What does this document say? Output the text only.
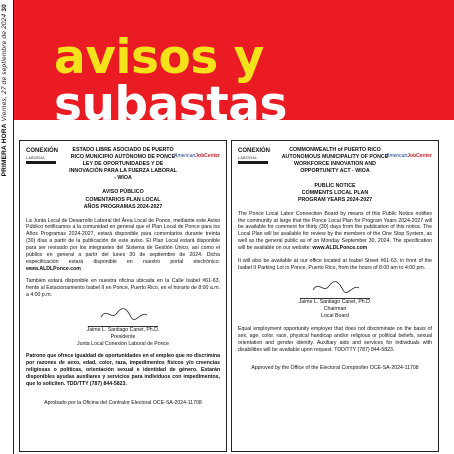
PRIMERA HORA Viernes, 27 de septiembre de 2024 30
avisos y subastas
CONEXIÓN
LABORAL	AmericanJobCenter
ESTADO LIBRE ASOCIADO DE PUERTO RICO MUNICIPIO AUTÓNOMO DE PONCE LEY DE OPORTUNIDADES Y DE INNOVACIÓN PARA LA FUERZA LABORAL - WIOA
AVISO PÚBLICO
COMENTARIOS PLAN LOCAL
AÑOS PROGRAMAS 2024-2027

La Junta Local de Desarrollo Laboral del Área Local de Ponce, mediante este Aviso Público notificamos a la comunidad en general que el Plan Local de Ponce para los Años Programas 2024-2027, estará disponible para comentarios durante treinta (30) días a partir de la publicación de este aviso. El Plan Local estará disponible para ser revisado por los integrantes del Sistema de Gestión Único, así como el público en general a partir del lunes 30 de septiembre de 2024. Dicha especificación estará disponible en nuestro portal electrónico: www.ALDLPonce.com

También estará disponible en nuestra oficina ubicada en la Calle Isabel #61-63, frente al Estacionamiento Isabel II en Ponce, Puerto Rico, en el horario de 8:00 a.m. a 4:00 p.m.

Jaime L. Santiago Canet, Ph.D.
Presidente
Junta Local Conexión Laboral de Ponce

Patrono que ofrece igualdad de oportunidades en el empleo que no discrimina por razones de sexo, edad, color, raza, impedimentos físicos y/o creencias religiosas o políticas, orientación sexual e identidad de género. Estarán disponibles ayudas auxiliares y servicios para individuos con impedimentos, que lo soliciten. TDD/TTY (787) 844-5823.

Aprobado por la Oficina del Contralor Electoral OCE-SA-2024-11708
CONEXIÓN
LABORAL	AmericanJobCenter
COMMONWEALTH of PUERTO RICO AUTONOMOUS MUNICIPALITY OF PONCE WORKFORCE INNOVATION AND OPPORTUNITY ACT - WIOA
PUBLIC NOTICE
COMMENTS LOCAL PLAN
PROGRAM YEARS 2024-2027

The Ponce Local Labor Connection Board by means of this Public Notice notifies the community at large that the Ponce Local Plan for Program Years 2024-2027 will be available for comment for thirty (30) days from the publication of this notice. The Local Plan will be available for review by the members of the One Stop System, as well as the general public as of on Monday September 30, 2024. The specification will be available on our website: www.ALDLPonce.com

It will also be available at our office located at Isabel Street #61-63, in front of the Isabel II Parking Lot in Ponce, Puerto Rico, from the hours of 8:00 am to 4:00 pm.

Jaime L. Santiago Canet, Ph.D.
Chairman
Local Board

Equal employment opportunity employer that does not discriminate on the basis of sex, age, color, race, physical handicap and/or religious or political beliefs, sexual orientation and gender identity. Auxiliary aids and services for individuals with disabilities will be available upon request. TDD/TTY (787) 844-5823.

Approved by the Office of the Electoral Comptroller OCE-SA-2024-11708
